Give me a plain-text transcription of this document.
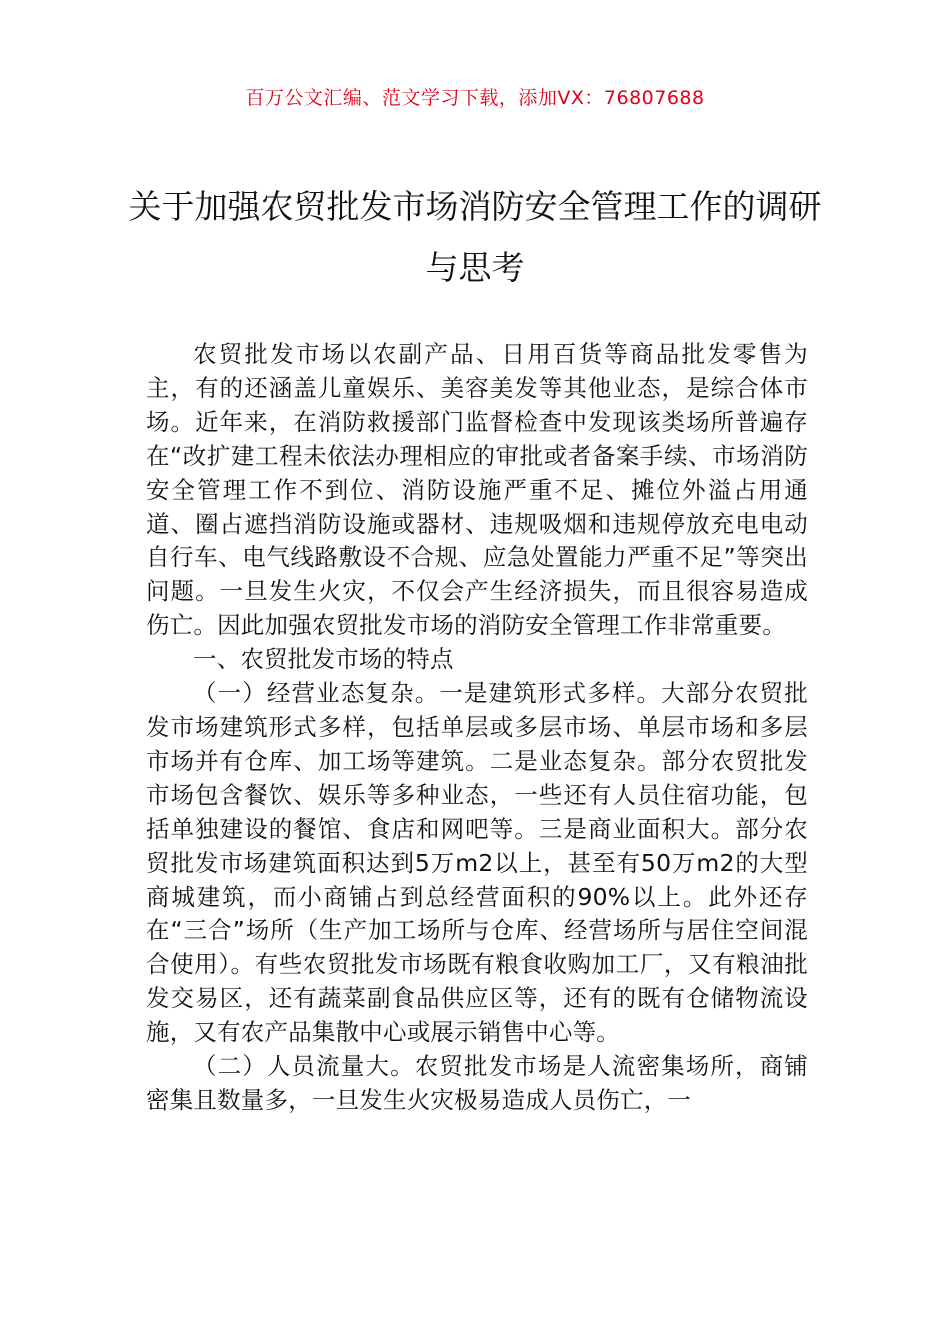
百万公文汇编、范文学习下载，添加VX：76807688
关于加强农贸批发市场消防安全管理工作的调研与思考

农贸批发市场以农副产品、日用百货等商品批发零售为主，有的还涵盖儿童娱乐、美容美发等其他业态，是综合体市场。近年来，在消防救援部门监督检查中发现该类场所普遍存在“改扩建工程未依法办理相应的审批或者备案手续、市场消防安全管理工作不到位、消防设施严重不足、摊位外溢占用通道、圈占遮挡消防设施或器材、违规吸烟和违规停放充电电动自行车、电气线路敷设不合规、应急处置能力严重不足”等突出问题。一旦发生火灾，不仅会产生经济损失，而且很容易造成伤亡。因此加强农贸批发市场的消防安全管理工作非常重要。

一、农贸批发市场的特点

（一）经营业态复杂。一是建筑形式多样。大部分农贸批发市场建筑形式多样，包括单层或多层市场、单层市场和多层市场并有仓库、加工场等建筑。二是业态复杂。部分农贸批发市场包含餐饮、娱乐等多种业态，一些还有人员住宿功能，包括单独建设的餐馆、食店和网吧等。三是商业面积大。部分农贸批发市场建筑面积达到5万m2以上，甚至有50万m2的大型商城建筑，而小商铺占到总经营面积的90%以上。此外还存在“三合”场所（生产加工场所与仓库、经营场所与居住空间混合使用）。有些农贸批发市场既有粮食收购加工厂，又有粮油批发交易区，还有蔬菜副食品供应区等，还有的既有仓储物流设施，又有农产品集散中心或展示销售中心等。

（二）人员流量大。农贸批发市场是人流密集场所，商铺密集且数量多，一旦发生火灾极易造成人员伤亡，一
